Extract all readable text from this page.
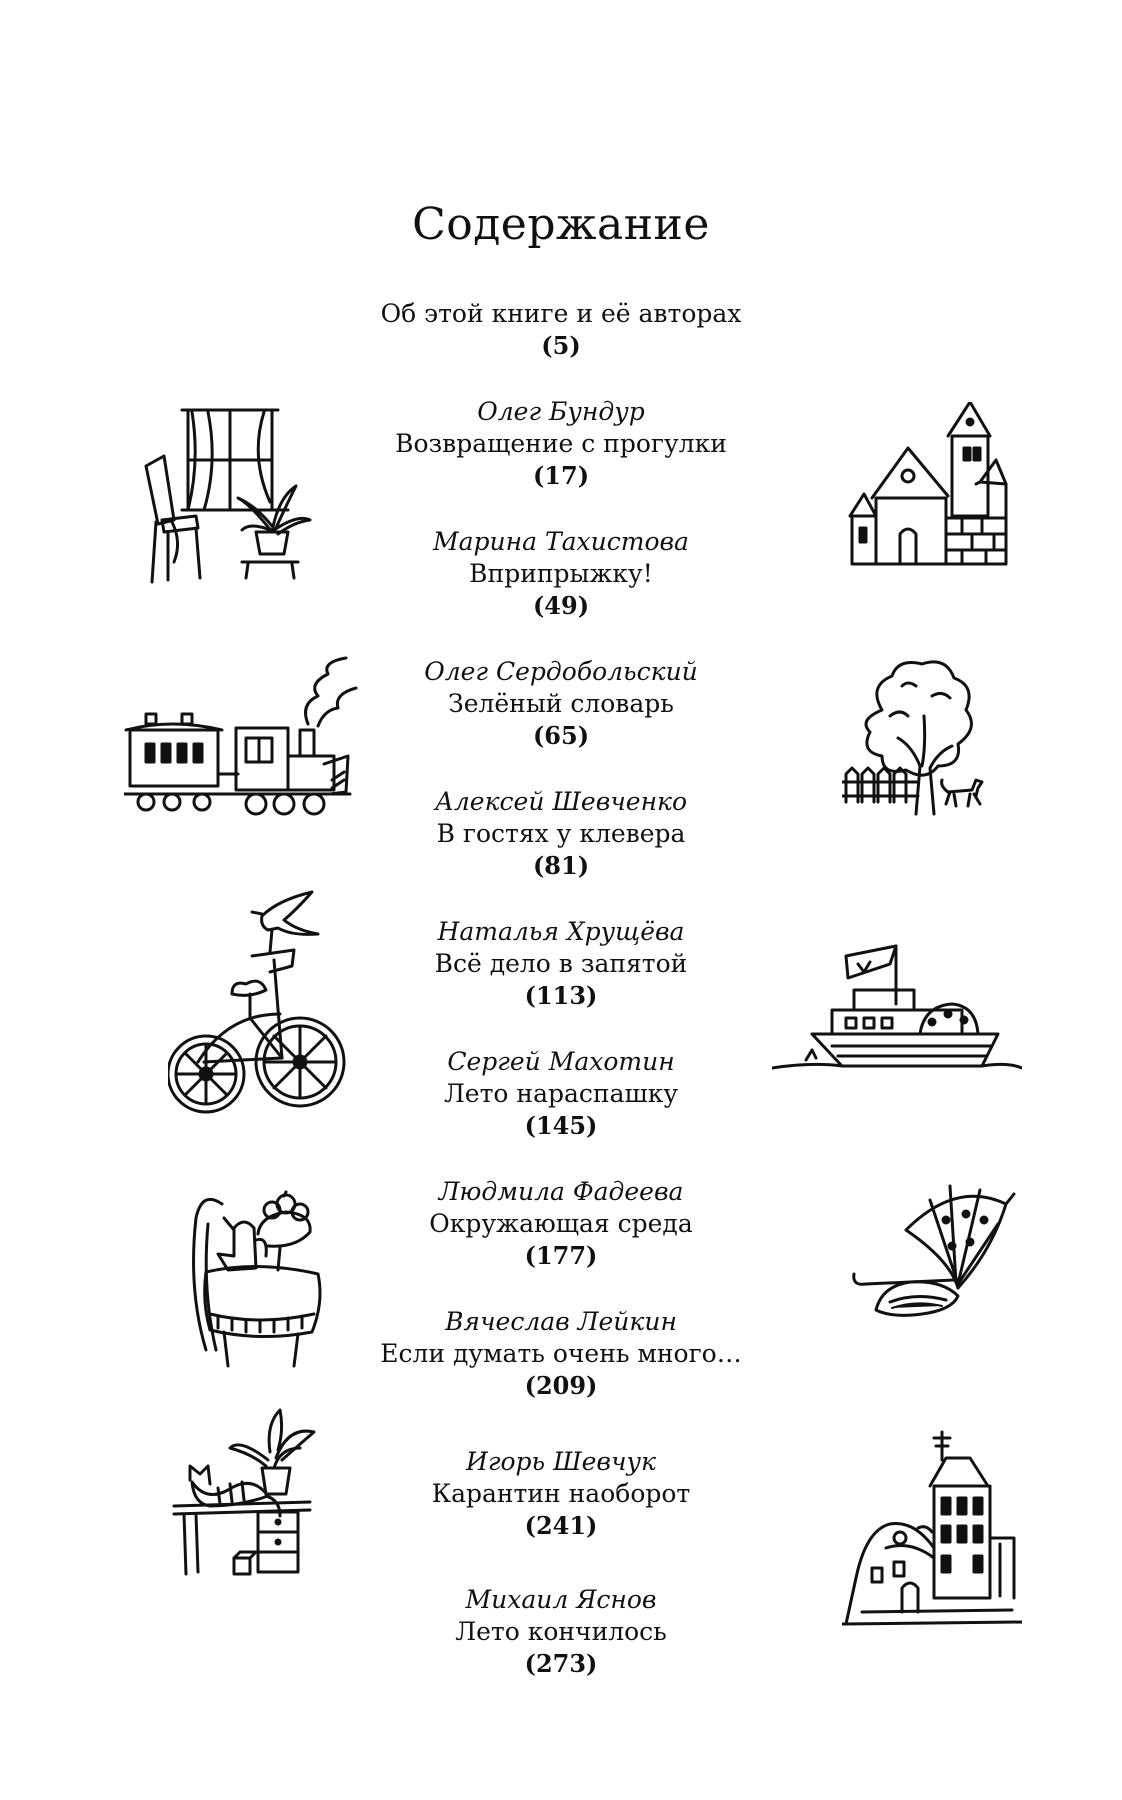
Содержание
Об этой книге и её авторах
(5)
Олег Бундур
Возвращение с прогулки
(17)
Марина Тахистова
Вприпрыжку!
(49)
Олег Сердобольский
Зелёный словарь
(65)
Алексей Шевченко
В гостях у клевера
(81)
Наталья Хрущёва
Всё дело в запятой
(113)
Сергей Махотин
Лето нараспашку
(145)
Людмила Фадеева
Окружающая среда
(177)
Вячеслав Лейкин
Если думать очень много…
(209)
Игорь Шевчук
Карантин наоборот
(241)
Михаил Яснов
Лето кончилось
(273)
